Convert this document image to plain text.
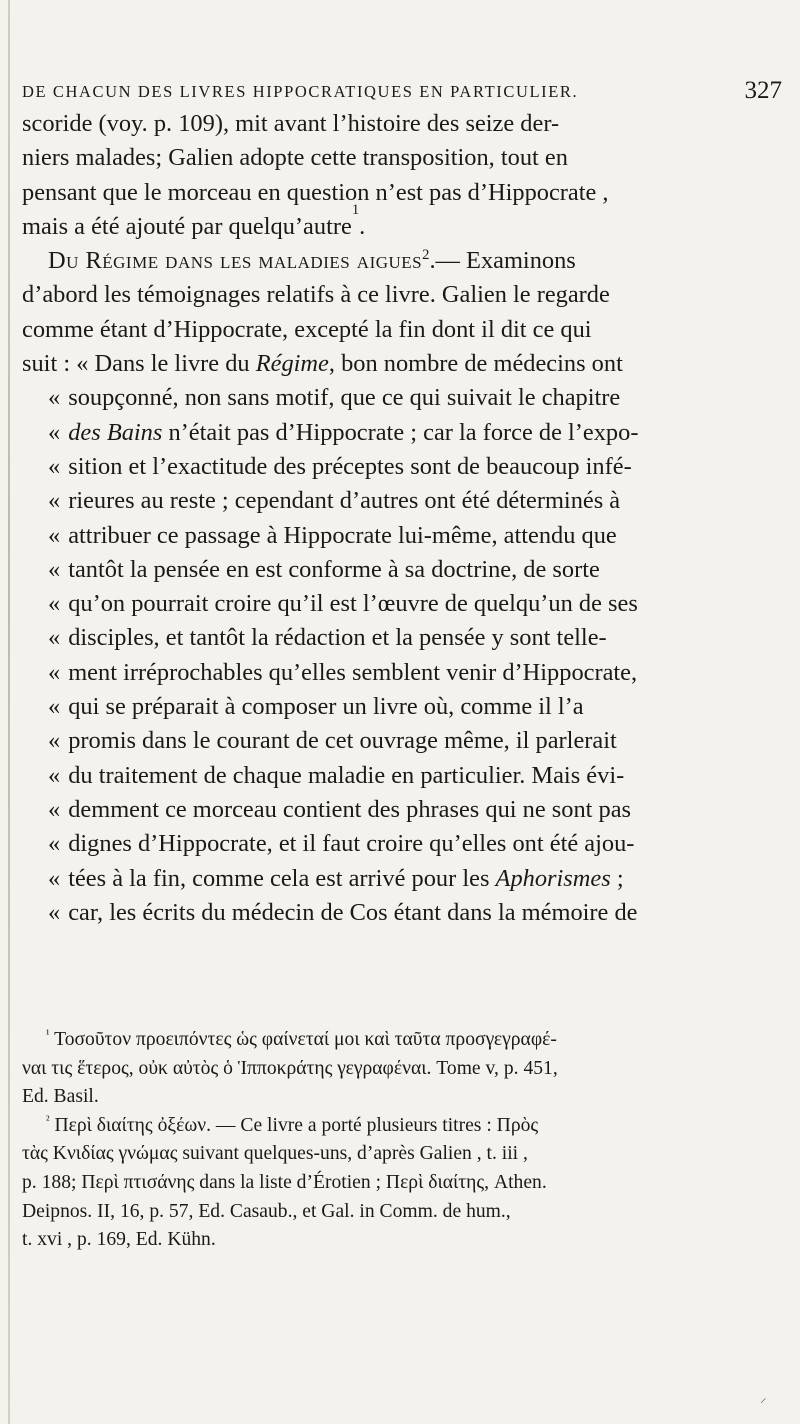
DE CHACUN DES LIVRES HIPPOCRATIQUES EN PARTICULIER.	327
scoride (voy. p. 109), mit avant l’histoire des seize der-
niers malades; Galien adopte cette transposition, tout en
pensant que le morceau en question n’est pas d’Hippocrate ,
mais a été ajouté par quelqu’autre
1
.
Du Régime dans les maladies aigues$^2$.— Examinons
d’abord les témoignages relatifs à ce livre. Galien le regarde
comme étant d’Hippocrate, excepté la fin dont il dit ce qui
suit : « Dans le livre du Régime, bon nombre de médecins ont
« soupçonné, non sans motif, que ce qui suivait le chapitre
« des Bains n’était pas d’Hippocrate ; car la force de l’expo-
« sition et l’exactitude des préceptes sont de beaucoup infé-
« rieures au reste ; cependant d’autres ont été déterminés à
« attribuer ce passage à Hippocrate lui-même, attendu que
« tantôt la pensée en est conforme à sa doctrine, de sorte
« qu’on pourrait croire qu’il est l’œuvre de quelqu’un de ses
« disciples, et tantôt la rédaction et la pensée y sont telle-
« ment irréprochables qu’elles semblent venir d’Hippocrate,
« qui se préparait à composer un livre où, comme il l’a
« promis dans le courant de cet ouvrage même, il parlerait
« du traitement de chaque maladie en particulier. Mais évi-
« demment ce morceau contient des phrases qui ne sont pas
« dignes d’Hippocrate, et il faut croire qu’elles ont été ajou-
« tées à la fin, comme cela est arrivé pour les Aphorismes ;
« car, les écrits du médecin de Cos étant dans la mémoire de
$^{^1}$ Τοσοῦτον προειπόντες ὡς φαίνεταί μοι καὶ ταῦτα προσγεγραφέ-
ναι τις ἕτερος, οὐκ αὐτὸς ὁ Ἱπποκράτης γεγραφέναι. Tome v, p. 451,
Ed. Basil.
$^{^2}$ Περὶ διαίτης ὀξέων. — Ce livre a porté plusieurs titres : Πρὸς
τὰς Κνιδίας γνώμας suivant quelques-uns, d’après Galien , t. iii ,
p. 188; Περὶ πτισάνης dans la liste d’Érotien ; Περὶ διαίτης, Athen.
Deipnos. II, 16, p. 57, Ed. Casaub., et Gal. in Comm. de hum.,
t. xvi , p. 169, Ed. Kühn.
⸝
